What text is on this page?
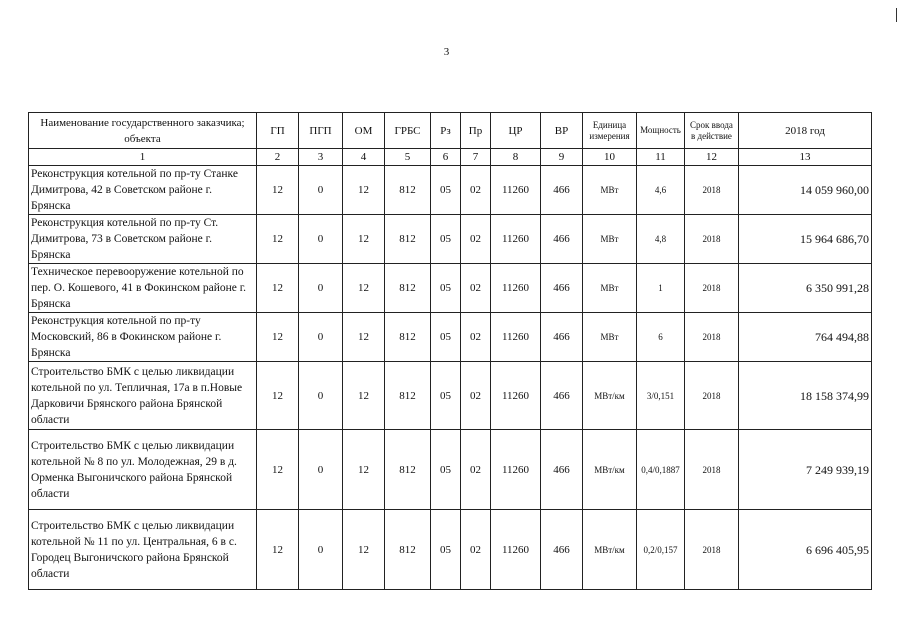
3
Наименование государственного заказчика; объекта	ГП	ПГП	ОМ	ГРБС	Рз	Пр	ЦР	ВР	Единица измерения	Мощность	Срок ввода в действие	2018 год
1	2	3	4	5	6	7	8	9	10	11	12	13
Реконструкция котельной по пр-ту Станке Димитрова, 42 в Советском районе г. Брянска	12	0	12	812	05	02	11260	466	МВт	4,6	2018	14 059 960,00
Реконструкция котельной по пр-ту Ст. Димитрова, 73 в Советском районе г. Брянска	12	0	12	812	05	02	11260	466	МВт	4,8	2018	15 964 686,70
Техническое перевооружение котельной по пер. О. Кошевого, 41 в Фокинском районе г. Брянска	12	0	12	812	05	02	11260	466	МВт	1	2018	6 350 991,28
Реконструкция котельной по пр-ту Московский, 86 в Фокинском районе г. Брянска	12	0	12	812	05	02	11260	466	МВт	6	2018	764 494,88
Строительство БМК с целью ликвидации котельной по ул. Тепличная, 17а в п.Новые Дарковичи Брянского района Брянской области	12	0	12	812	05	02	11260	466	МВт/км	3/0,151	2018	18 158 374,99
Строительство БМК с целью ликвидации котельной № 8 по ул. Молодежная, 29 в д. Орменка Выгоничского района Брянской области	12	0	12	812	05	02	11260	466	МВт/км	0,4/0,1887	2018	7 249 939,19
Строительство БМК с целью ликвидации котельной № 11 по ул. Центральная, 6 в с. Городец Выгоничского района Брянской области	12	0	12	812	05	02	11260	466	МВт/км	0,2/0,157	2018	6 696 405,95
